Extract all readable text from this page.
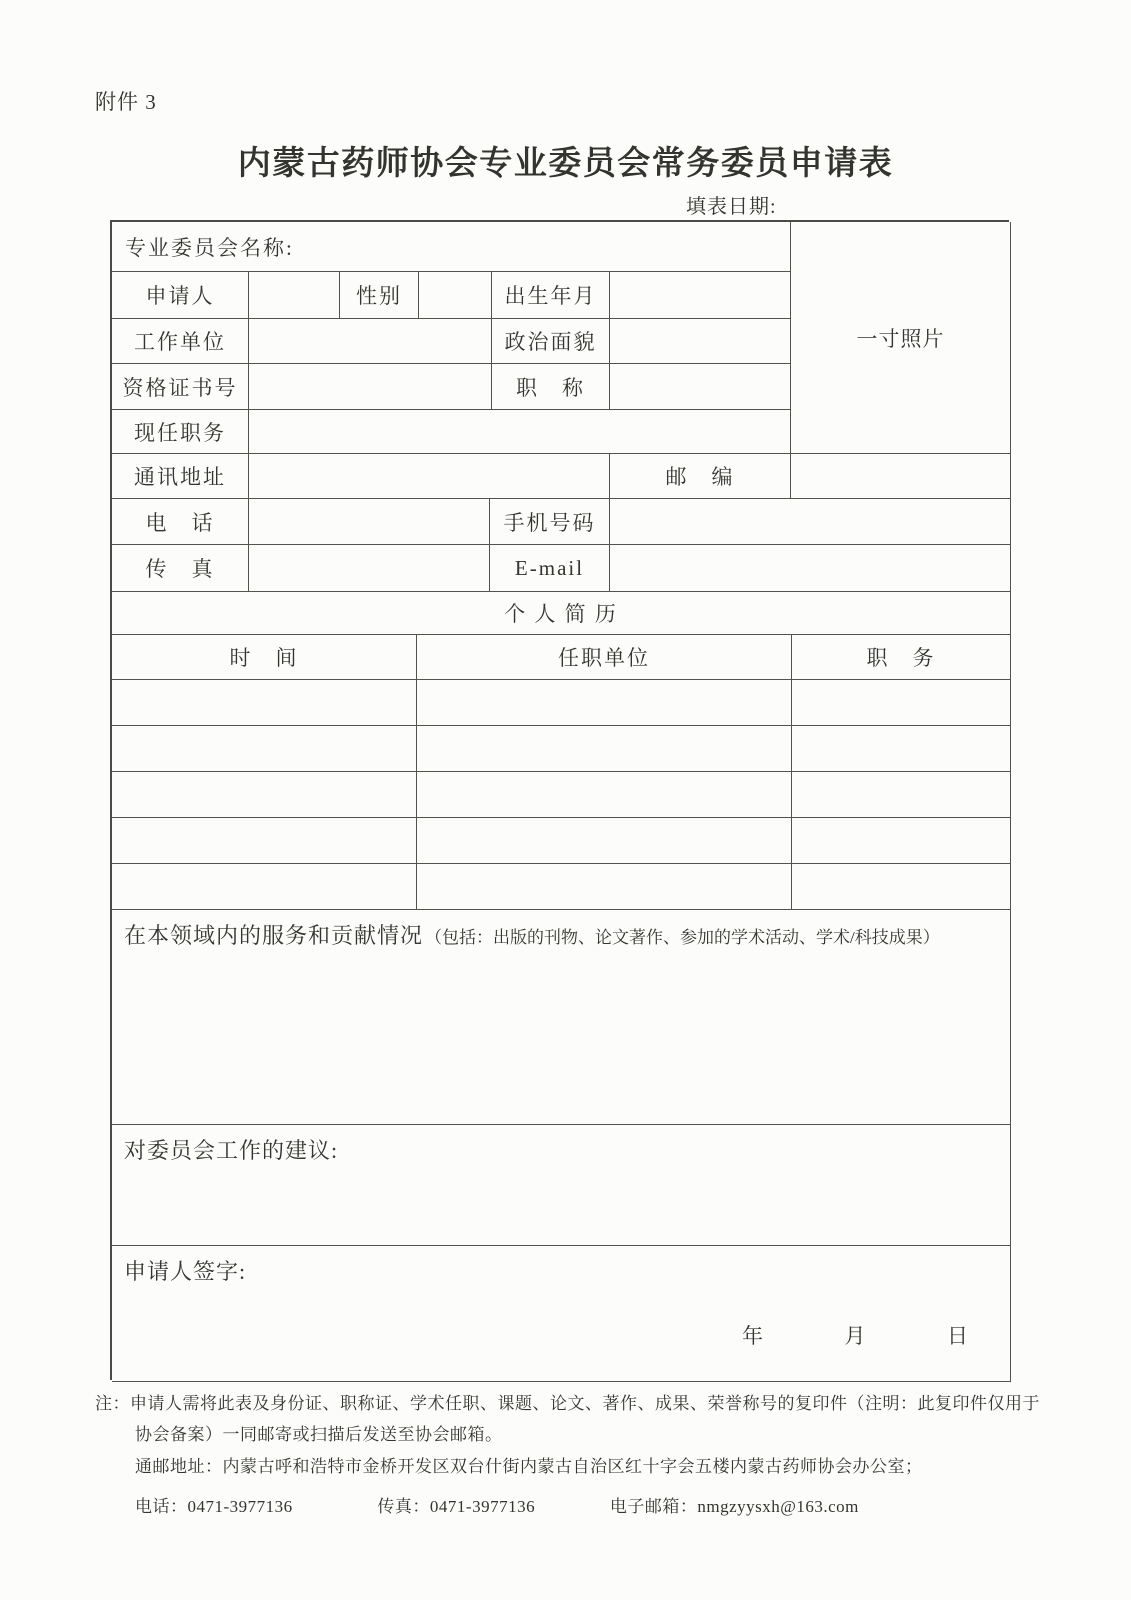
附件 3
内蒙古药师协会专业委员会常务委员申请表
填表日期:
一寸照片
专业委员会名称:
申请人	性别	出生年月
工作单位	政治面貌
资格证书号	职　称
现任职务
通讯地址	邮　编
电　话	手机号码
传　真	E-mail
个 人 简 历
时　间	任职单位	职　务
在本领域内的服务和贡献情况 （包括：出版的刊物、论文著作、参加的学术活动、学术/科技成果）
对委员会工作的建议:
申请人签字:
年	月	日
注：申请人需将此表及身份证、职称证、学术任职、课题、论文、著作、成果、荣誉称号的复印件（注明：此复印件仅用于
协会备案）一同邮寄或扫描后发送至协会邮箱。
通邮地址：内蒙古呼和浩特市金桥开发区双台什街内蒙古自治区红十字会五楼内蒙古药师协会办公室；
电话：0471-3977136	传真：0471-3977136	电子邮箱：nmgzyysxh@163.com
